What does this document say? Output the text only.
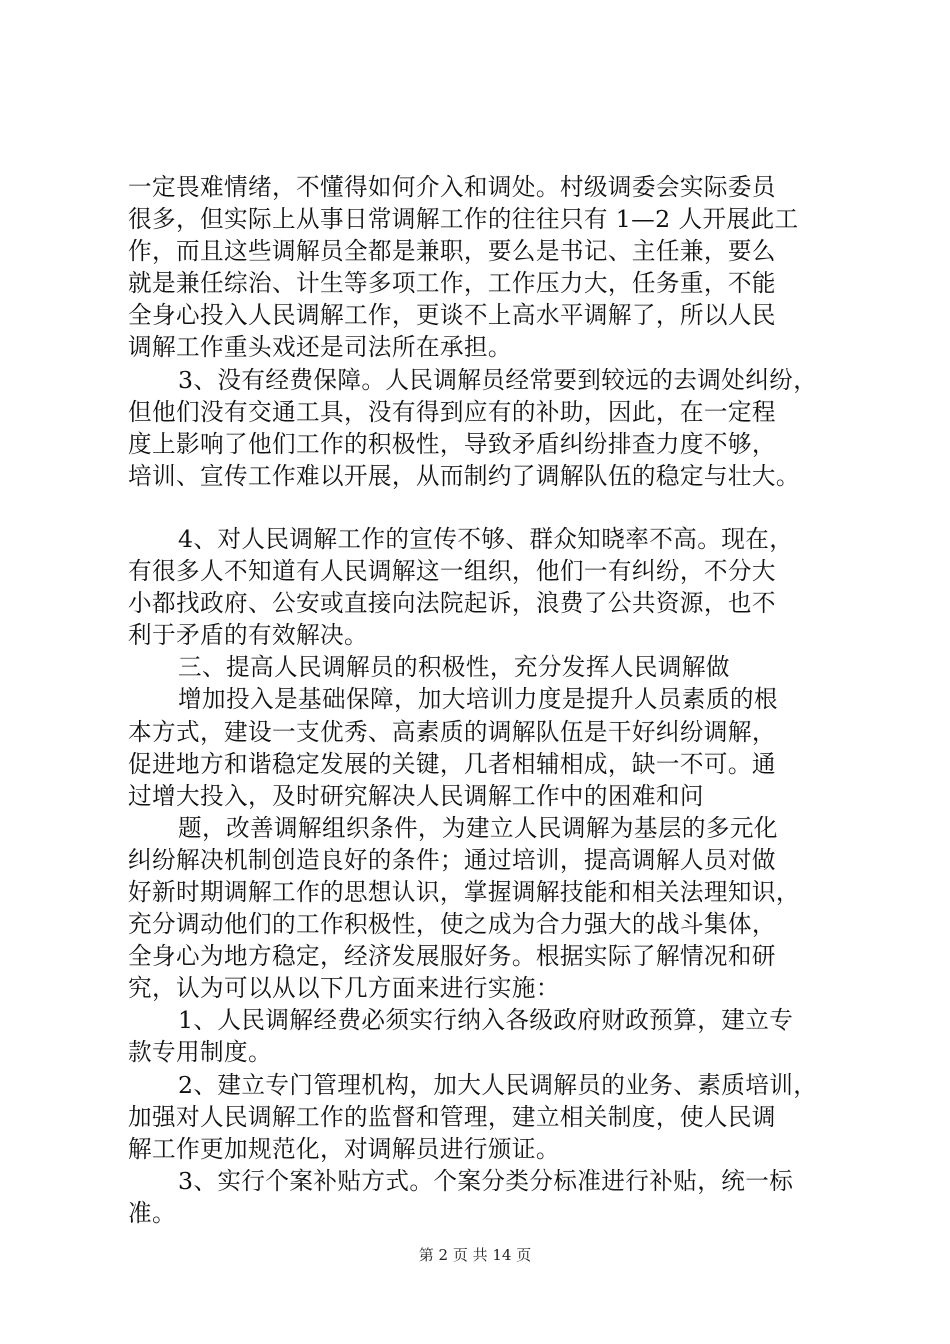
一定畏难情绪，不懂得如何介入和调处。村级调委会实际委员
很多，但实际上从事日常调解工作的往往只有 1—2 人开展此工
作，而且这些调解员全都是兼职，要么是书记、主任兼，要么
就是兼任综治、计生等多项工作，工作压力大，任务重，不能
全身心投入人民调解工作，更谈不上高水平调解了，所以人民
调解工作重头戏还是司法所在承担。
3、没有经费保障。人民调解员经常要到较远的去调处纠纷，
但他们没有交通工具，没有得到应有的补助，因此，在一定程
度上影响了他们工作的积极性，导致矛盾纠纷排查力度不够，
培训、宣传工作难以开展，从而制约了调解队伍的稳定与壮大。
4、对人民调解工作的宣传不够、群众知晓率不高。现在，
有很多人不知道有人民调解这一组织，他们一有纠纷，不分大
小都找政府、公安或直接向法院起诉，浪费了公共资源，也不
利于矛盾的有效解决。
三、提高人民调解员的积极性，充分发挥人民调解做
增加投入是基础保障，加大培训力度是提升人员素质的根
本方式，建设一支优秀、高素质的调解队伍是干好纠纷调解，
促进地方和谐稳定发展的关键，几者相辅相成，缺一不可。通
过增大投入，及时研究解决人民调解工作中的困难和问
题，改善调解组织条件，为建立人民调解为基层的多元化
纠纷解决机制创造良好的条件；通过培训，提高调解人员对做
好新时期调解工作的思想认识，掌握调解技能和相关法理知识，
充分调动他们的工作积极性，使之成为合力强大的战斗集体，
全身心为地方稳定，经济发展服好务。根据实际了解情况和研
究，认为可以从以下几方面来进行实施：
1、人民调解经费必须实行纳入各级政府财政预算，建立专
款专用制度。
2、建立专门管理机构，加大人民调解员的业务、素质培训，
加强对人民调解工作的监督和管理，建立相关制度，使人民调
解工作更加规范化，对调解员进行颁证。
3、实行个案补贴方式。个案分类分标准进行补贴，统一标
准。
第 2 页 共 14 页
